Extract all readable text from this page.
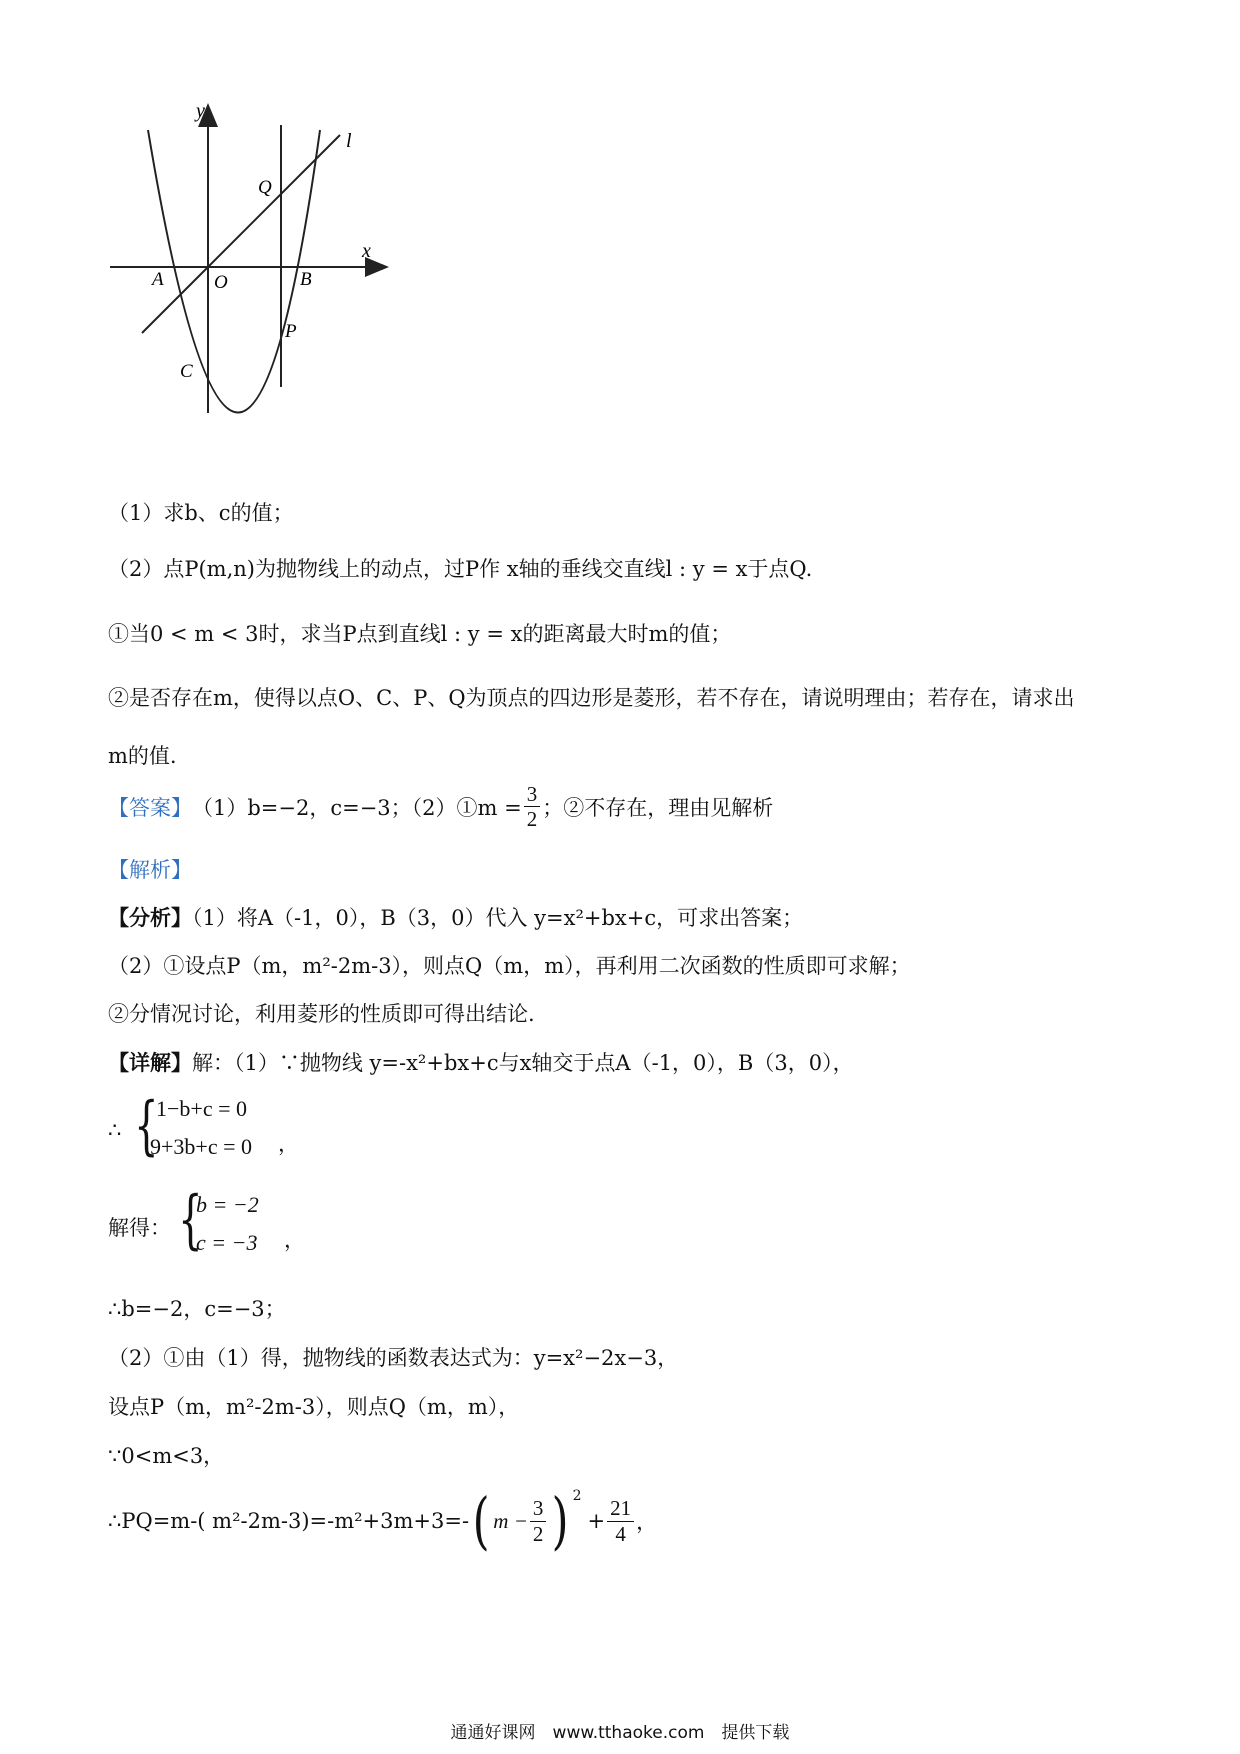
y
x
l
Q
A	O	B
P
C
（1）求b、c的值；
（2）点P(m,n)为抛物线上的动点，过P作 x轴的垂线交直线l : y = x于点Q.
①当0 < m < 3时，求当P点到直线l : y = x的距离最大时m的值；
②是否存在m，使得以点O、C、P、Q为顶点的四边形是菱形，若不存在，请说明理由；若存在，请求出
m的值.
【答案】 （1）b=−2，c=−3；（2）①m = $\frac{3}{2}$ ；②不存在，理由见解析
【解析】
【分析】（1）将A（-1，0），B（3，0）代入 y=x²+bx+c，可求出答案；
（2）①设点P（m，m²-2m-3），则点Q（m，m），再利用二次函数的性质即可求解；
②分情况讨论，利用菱形的性质即可得出结论.
【详解】解：（1）∵抛物线 y=-x²+bx+c与x轴交于点A（-1，0），B（3，0），
∴ {
1−b+c = 0
9+3b+c = 0 ，
解得： {
b = −2
c = −3 ，
∴b=−2，c=−3；
（2）①由（1）得，抛物线的函数表达式为：y=x²−2x−3，
设点P（m，m²-2m-3），则点Q（m，m），
∵0<m<3，
∴PQ=m-( m²-2m-3)=-m²+3m+3=- ( $m - \frac{3}{2}$ ) 2
+ $\frac{21}{4}$ ，
通通好课网　www.tthaoke.com　提供下载
